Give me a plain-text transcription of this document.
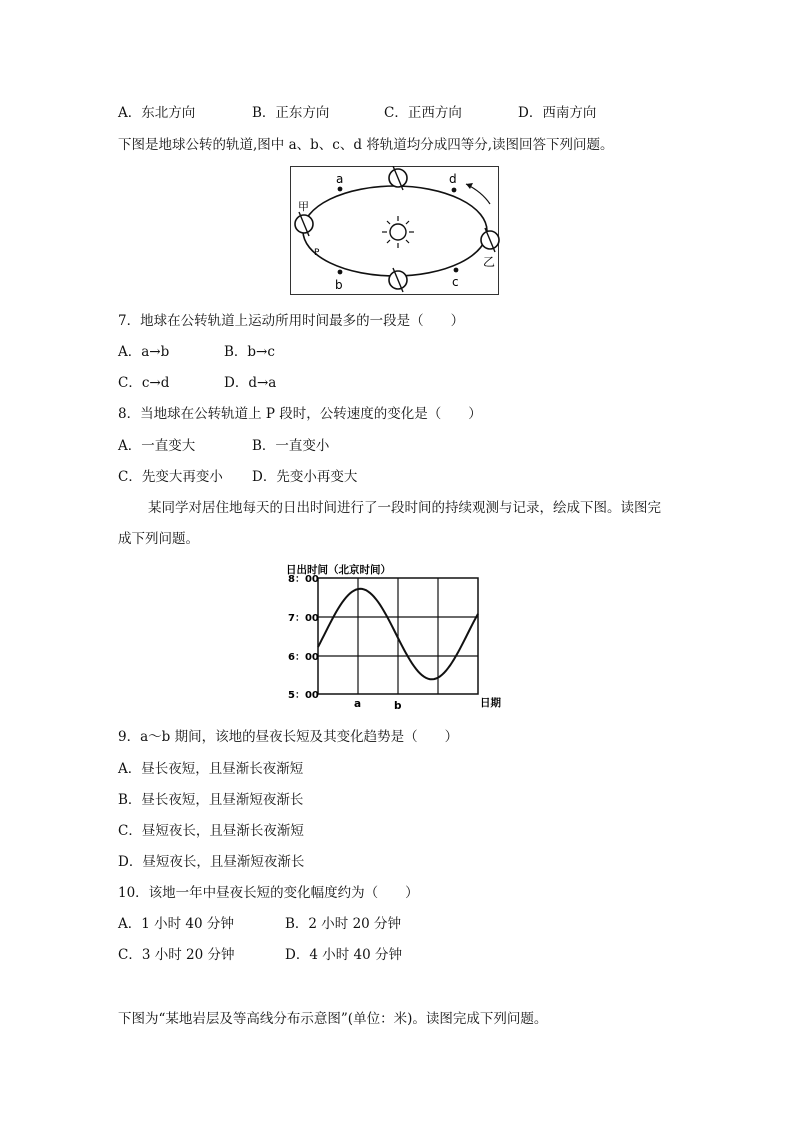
A．东北方向	B．正东方向	C．正西方向	D．西南方向
下图是地球公转的轨道,图中 a、b、c、d 将轨道均分成四等分,读图回答下列问题。
a
b	c
d
甲
乙
P
7．地球在公转轨道上运动所用时间最多的一段是（　　）
A．a→b	B．b→c
C．c→d	D．d→a
8．当地球在公转轨道上 P 段时，公转速度的变化是（　　）
A．一直变大	B．一直变小
C．先变大再变小 D．先变小再变大
某同学对居住地每天的日出时间进行了一段时间的持续观测与记录，绘成下图。读图完
成下列问题。
日出时间（北京时间）
8：00
7：00
6：00
5：00
a	b	日期
9．a～b 期间，该地的昼夜长短及其变化趋势是（　　）
A．昼长夜短，且昼渐长夜渐短
B．昼长夜短，且昼渐短夜渐长
C．昼短夜长，且昼渐长夜渐短
D．昼短夜长，且昼渐短夜渐长
10．该地一年中昼夜长短的变化幅度约为（　　）
A．1 小时 40 分钟	B．2 小时 20 分钟
C．3 小时 20 分钟	D．4 小时 40 分钟
下图为“某地岩层及等高线分布示意图”(单位：米)。读图完成下列问题。
